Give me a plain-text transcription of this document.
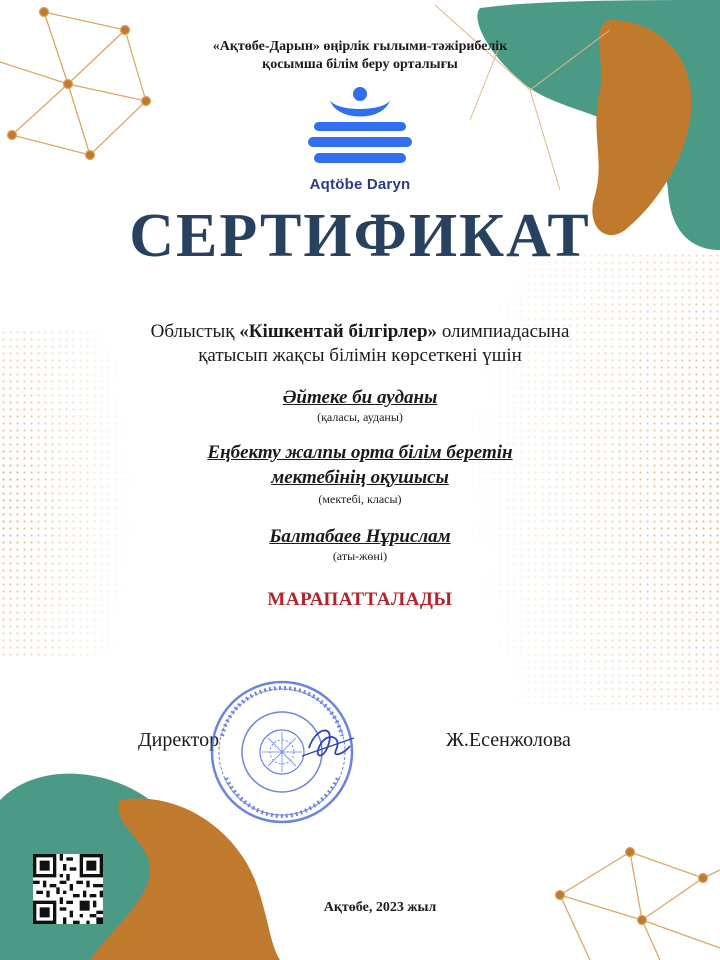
«Ақтөбе-Дарын» өңірлік ғылыми-тәжірибелік
қосымша білім беру орталығы
Aqtöbe Daryn
СЕРТИФИКАТ
Облыстық «Кішкентай білгірлер» олимпиадасына
қатысып жақсы білімін көрсеткені үшін
Әйтеке би ауданы
(қаласы, ауданы)
Еңбекту жалпы орта білім беретін
мектебінің оқушысы
(мектебі, класы)
Балтабаев Нұрислам
(аты-жөні)
МАРАПАТТАЛАДЫ
Директор	Ж.Есенжолова
Ақтөбе, 2023 жыл
